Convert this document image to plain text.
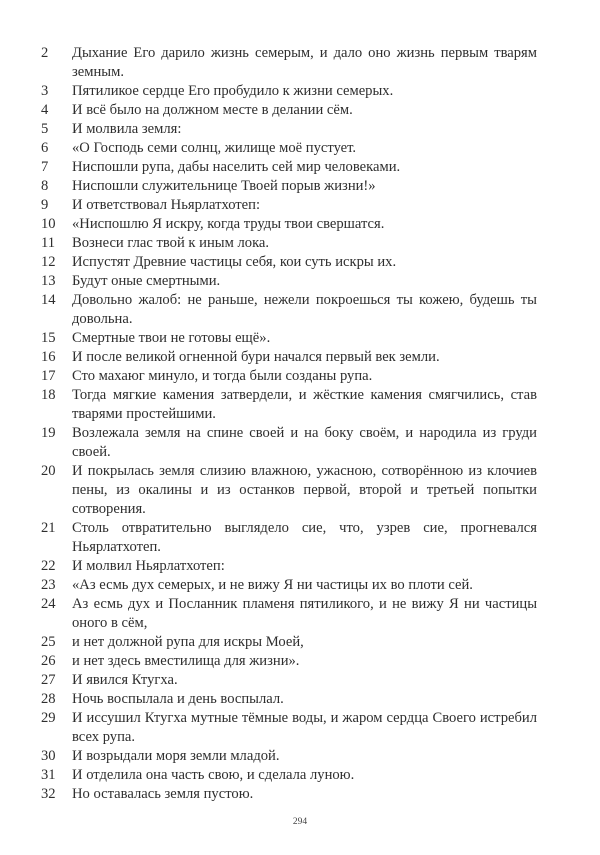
2	Дыхание Его дарило жизнь семерым, и дало оно жизнь первым тварям земным.
3	Пятиликое сердце Его пробудило к жизни семерых.
4	И всё было на должном месте в делании сём.
5	И молвила земля:
6	«О Господь семи солнц, жилище моё пустует.
7	Ниспошли рупа, дабы населить сей мир человеками.
8	Ниспошли служительнице Твоей порыв жизни!»
9	И ответствовал Ньярлатхотеп:
10	«Ниспошлю Я искру, когда труды твои свершатся.
11	Вознеси глас твой к иным лока.
12	Испустят Древние частицы себя, кои суть искры их.
13	Будут оные смертными.
14	Довольно жалоб: не раньше, нежели покроешься ты кожею, будешь ты довольна.
15	Смертные твои не готовы ещё».
16	И после великой огненной бури начался первый век земли.
17	Сто махаюг минуло, и тогда были созданы рупа.
18	Тогда мягкие камения затвердели, и жёсткие камения смягчились, став тварями простейшими.
19	Возлежала земля на спине своей и на боку своём, и народила из груди своей.
20	И покрылась земля слизию влажною, ужасною, сотворённою из клочиев пены, из окалины и из останков первой, второй и третьей попытки сотворения.
21	Столь отвратительно выглядело сие, что, узрев сие, прогневался Ньярлатхотеп.
22	И молвил Ньярлатхотеп:
23	«Аз есмь дух семерых, и не вижу Я ни частицы их во плоти сей.
24	Аз есмь дух и Посланник пламеня пятиликого, и не вижу Я ни частицы оного в сём,
25	и нет должной рупа для искры Моей,
26	и нет здесь вместилища для жизни».
27	И явился Ктугха.
28	Ночь воспылала и день воспылал.
29	И иссушил Ктугха мутные тёмные воды, и жаром сердца Своего истребил всех рупа.
30	И возрыдали моря земли младой.
31	И отделила она часть свою, и сделала луною.
32	Но оставалась земля пустою.
294
